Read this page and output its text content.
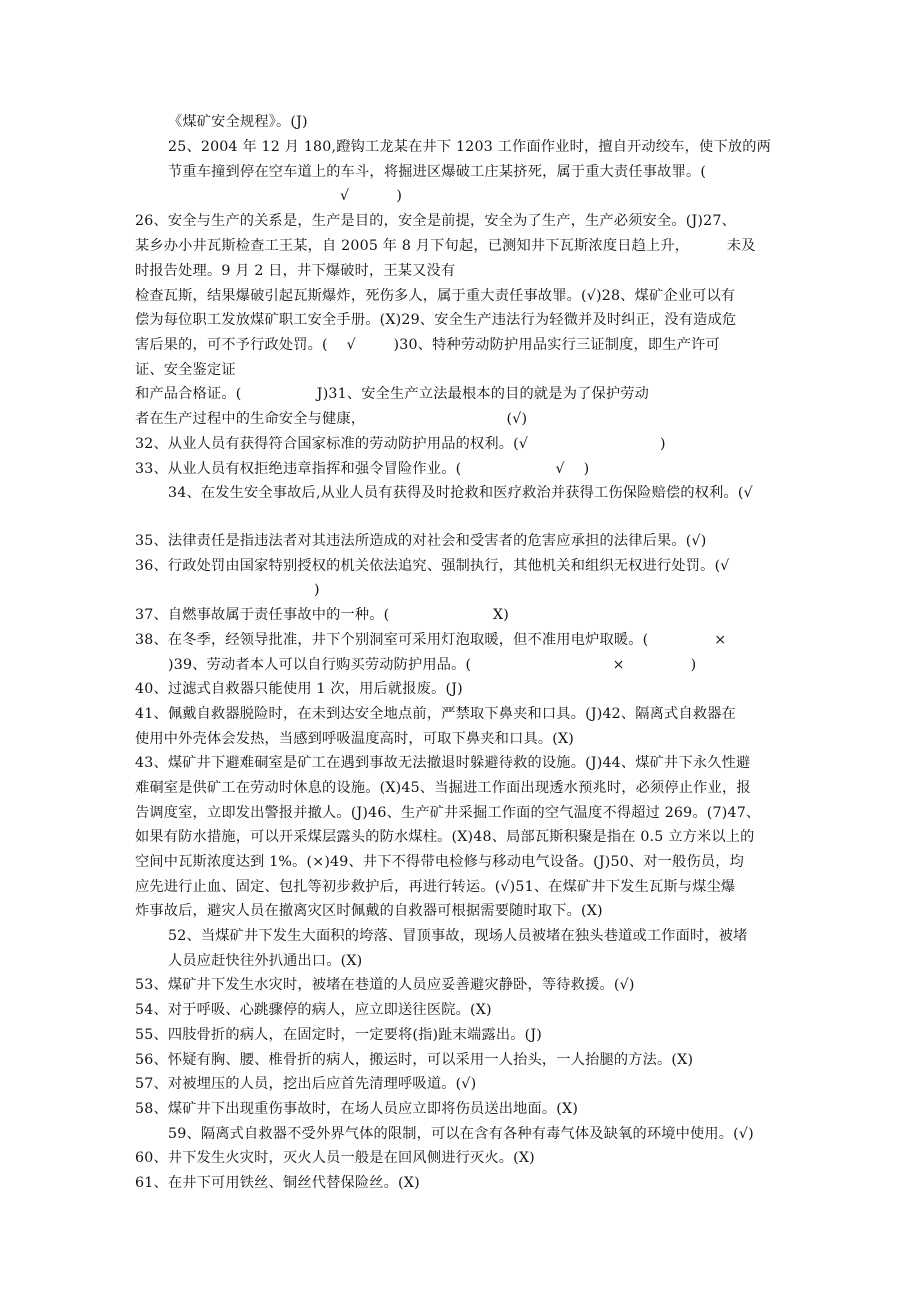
《煤矿安全规程》。(J)
25、2004 年 12 月 180,蹬钩工龙某在井下 1203 工作面作业时，擅自开动绞车，使下放的两
节重车撞到停在空车道上的车斗，将掘进区爆破工庄某挤死，属于重大责任事故罪。(
√          )
26、安全与生产的关系是，生产是目的，安全是前提，安全为了生产，生产必须安全。(J)27、
某乡办小井瓦斯检查工王某，自 2005 年 8 月下旬起，已测知井下瓦斯浓度日趋上升，        未及
时报告处理。9 月 2 日，井下爆破时，王某又没有
检查瓦斯，结果爆破引起瓦斯爆炸，死伤多人，属于重大责任事故罪。(√)28、煤矿企业可以有
偿为每位职工发放煤矿职工安全手册。(X)29、安全生产违法行为轻微并及时纠正，没有造成危
害后果的，可不予行政处罚。(    √        )30、特种劳动防护用品实行三证制度，即生产许可
证、安全鉴定证
和产品合格证。(                J)31、安全生产立法最根本的目的就是为了保护劳动
者在生产过程中的生命安全与健康，                              (√)
32、从业人员有获得符合国家标准的劳动防护用品的权利。(√                            )
33、从业人员有权拒绝违章指挥和强令冒险作业。(                    √    )
34、在发生安全事故后,从业人员有获得及时抢救和医疗救治并获得工伤保险赔偿的权利。(√
35、法律责任是指违法者对其违法所造成的对社会和受害者的危害应承担的法律后果。(√)
36、行政处罚由国家特别授权的机关依法追究、强制执行，其他机关和组织无权进行处罚。(√
)
37、自燃事故属于责任事故中的一种。(                      X)
38、在冬季，经领导批准，井下个别洞室可采用灯泡取暖，但不准用电炉取暖。(              ×
)39、劳动者本人可以自行购买劳动防护用品。(                              ×              )
40、过滤式自救器只能使用 1 次，用后就报废。(J)
41、佩戴自救器脱险时，在未到达安全地点前，严禁取下鼻夹和口具。(J)42、隔离式自救器在
使用中外壳体会发热，当感到呼吸温度高时，可取下鼻夹和口具。(X)
43、煤矿井下避难硐室是矿工在遇到事故无法撤退时躲避待救的设施。(J)44、煤矿井下永久性避
难硐室是供矿工在劳动时休息的设施。(X)45、当掘进工作面出现透水预兆时，必须停止作业，报
告调度室，立即发出警报并撤人。(J)46、生产矿井采掘工作面的空气温度不得超过 269。(7)47、
如果有防水措施，可以开采煤层露头的防水煤柱。(X)48、局部瓦斯积聚是指在 0.5 立方米以上的
空间中瓦斯浓度达到 1%。(×)49、井下不得带电检修与移动电气设备。(J)50、对一般伤员，均
应先进行止血、固定、包扎等初步救护后，再进行转运。(√)51、在煤矿井下发生瓦斯与煤尘爆
炸事故后，避灾人员在撤离灾区时佩戴的自救器可根据需要随时取下。(X)
52、当煤矿井下发生大面积的垮落、冒顶事故，现场人员被堵在独头巷道或工作面时，被堵
人员应赶快往外扒通出口。(X)
53、煤矿井下发生水灾时，被堵在巷道的人员应妥善避灾静卧，等待救援。(√)
54、对于呼吸、心跳骤停的病人，应立即送往医院。(X)
55、四肢骨折的病人，在固定时，一定要将(指)趾末端露出。(J)
56、怀疑有胸、腰、椎骨折的病人，搬运时，可以采用一人抬头，一人抬腿的方法。(X)
57、对被埋压的人员，挖出后应首先清理呼吸道。(√)
58、煤矿井下出现重伤事故时，在场人员应立即将伤员送出地面。(X)
59、隔离式自救器不受外界气体的限制，可以在含有各种有毒气体及缺氧的环境中使用。(√)
60、井下发生火灾时，灭火人员一般是在回风侧进行灭火。(X)
61、在井下可用铁丝、铜丝代替保险丝。(X)
